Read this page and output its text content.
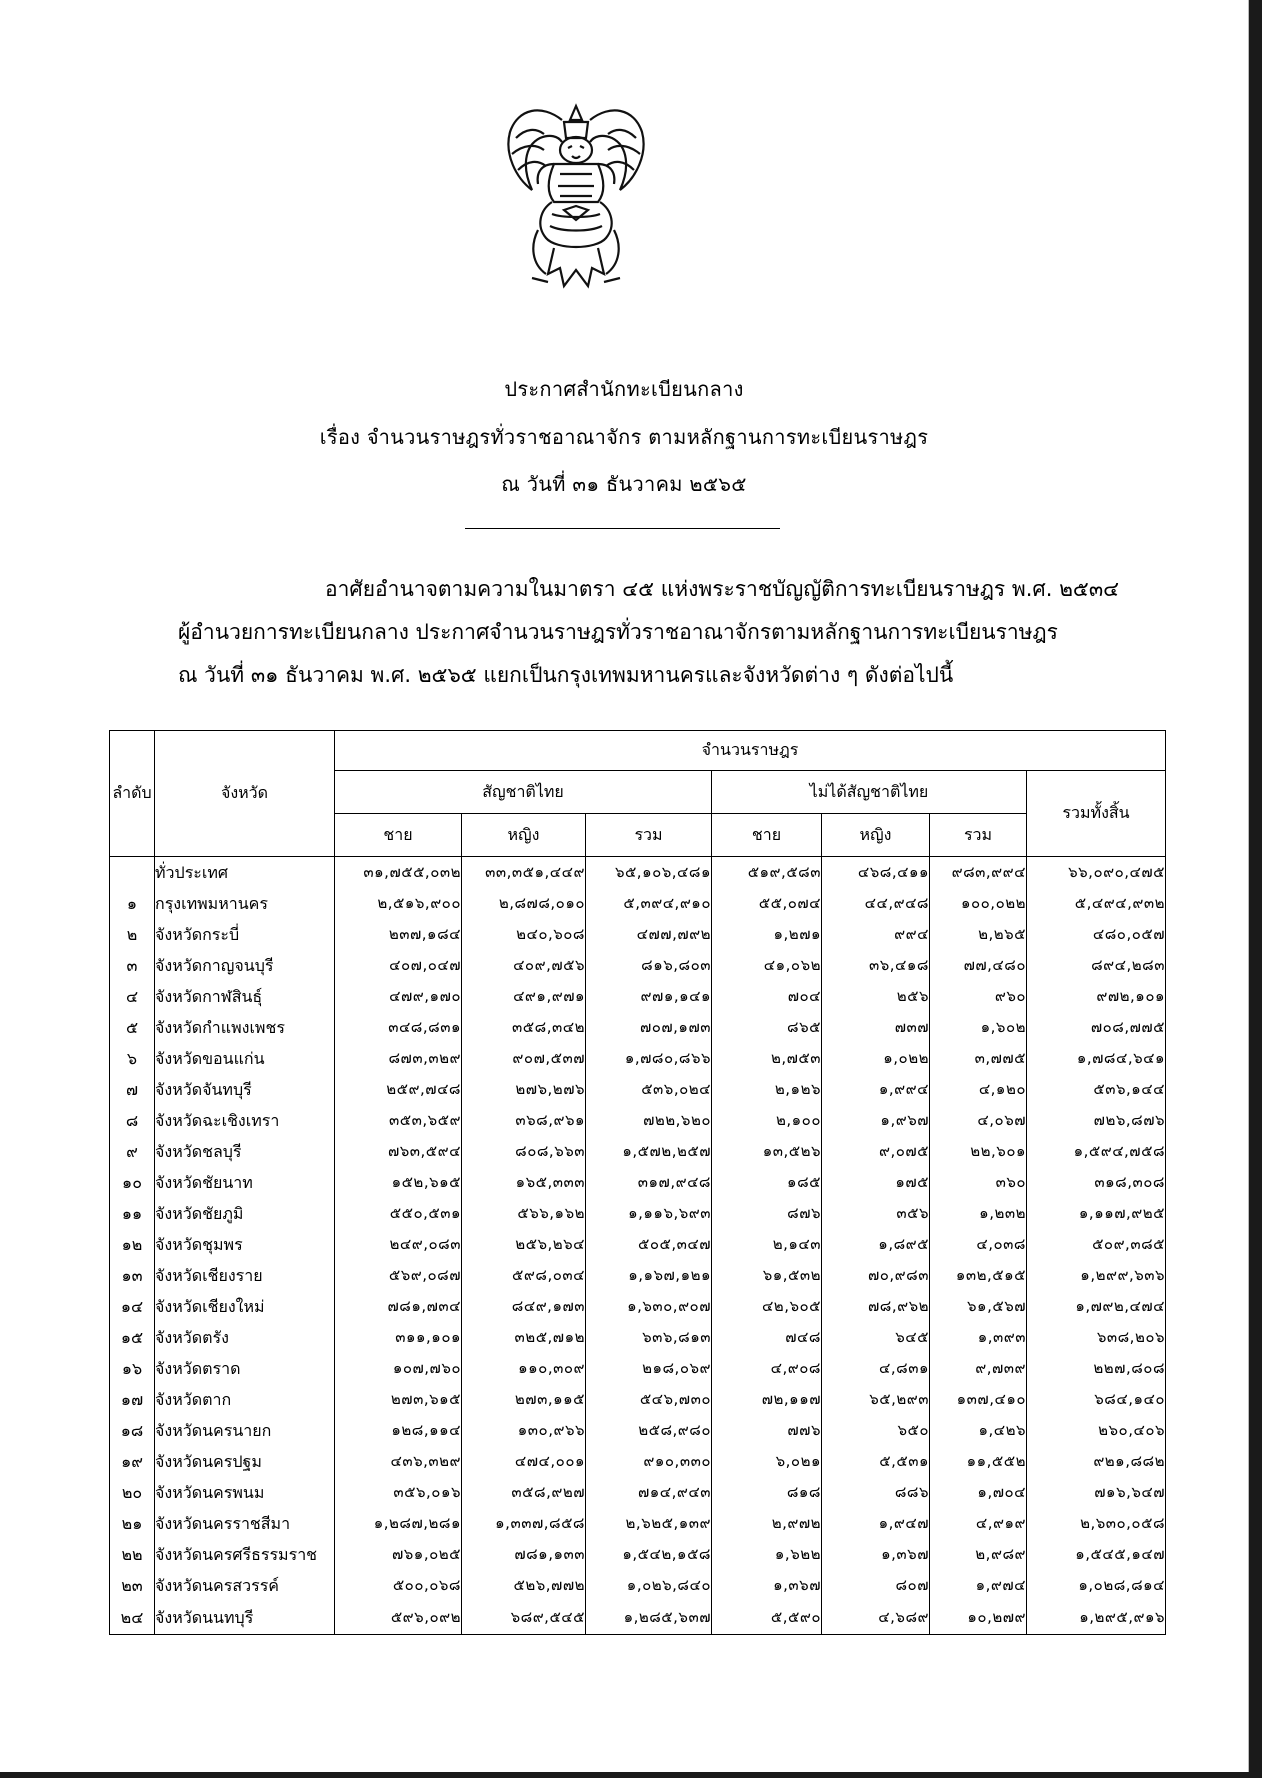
ประกาศสำนักทะเบียนกลาง
เรื่อง จำนวนราษฎรทั่วราชอาณาจักร ตามหลักฐานการทะเบียนราษฎร
ณ วันที่ ๓๑ ธันวาคม ๒๕๖๕
อาศัยอำนาจตามความในมาตรา ๔๕ แห่งพระราชบัญญัติการทะเบียนราษฎร พ.ศ. ๒๕๓๔
ผู้อำนวยการทะเบียนกลาง ประกาศจำนวนราษฎรทั่วราชอาณาจักรตามหลักฐานการทะเบียนราษฎร
ณ วันที่ ๓๑ ธันวาคม พ.ศ. ๒๕๖๕ แยกเป็นกรุงเทพมหานครและจังหวัดต่าง ๆ ดังต่อไปนี้
ลำดับ	จังหวัด	จำนวนราษฎร						
		สัญชาติไทย			ไม่ได้สัญชาติไทย			รวมทั้งสิ้น
		ชาย	หญิง	รวม	ชาย	หญิง	รวม	
	ทั่วประเทศ	๓๑,๗๕๕,๐๓๒	๓๓,๓๕๑,๔๔๙	๖๕,๑๐๖,๔๘๑	๕๑๙,๕๘๓	๔๖๘,๔๑๑	๙๘๓,๙๙๔	๖๖,๐๙๐,๔๗๕
๑	กรุงเทพมหานคร	๒,๕๑๖,๙๐๐	๒,๘๗๘,๐๑๐	๕,๓๙๔,๙๑๐	๕๕,๐๗๔	๔๔,๙๔๘	๑๐๐,๐๒๒	๕,๔๙๔,๙๓๒
๒	จังหวัดกระบี่	๒๓๗,๑๘๔	๒๔๐,๖๐๘	๔๗๗,๗๙๒	๑,๒๗๑	๙๙๔	๒,๒๖๕	๔๘๐,๐๕๗
๓	จังหวัดกาญจนบุรี	๔๐๗,๐๔๗	๔๐๙,๗๕๖	๘๑๖,๘๐๓	๔๑,๐๖๒	๓๖,๔๑๘	๗๗,๔๘๐	๘๙๔,๒๘๓
๔	จังหวัดกาฬสินธุ์	๔๗๙,๑๗๐	๔๙๑,๙๗๑	๙๗๑,๑๔๑	๗๐๔	๒๕๖	๙๖๐	๙๗๒,๑๐๑
๕	จังหวัดกำแพงเพชร	๓๔๘,๘๓๑	๓๕๘,๓๔๒	๗๐๗,๑๗๓	๘๖๕	๗๓๗	๑,๖๐๒	๗๐๘,๗๗๕
๖	จังหวัดขอนแก่น	๘๗๓,๓๒๙	๙๐๗,๕๓๗	๑,๗๘๐,๘๖๖	๒,๗๕๓	๑,๐๒๒	๓,๗๗๕	๑,๗๘๔,๖๔๑
๗	จังหวัดจันทบุรี	๒๕๙,๗๔๘	๒๗๖,๒๗๖	๕๓๖,๐๒๔	๒,๑๒๖	๑,๙๙๔	๔,๑๒๐	๕๓๖,๑๔๔
๘	จังหวัดฉะเชิงเทรา	๓๕๓,๖๕๙	๓๖๘,๙๖๑	๗๒๒,๖๒๐	๒,๑๐๐	๑,๙๖๗	๔,๐๖๗	๗๒๖,๘๗๖
๙	จังหวัดชลบุรี	๗๖๓,๕๙๔	๘๐๘,๖๖๓	๑,๕๗๒,๒๕๗	๑๓,๕๒๖	๙,๐๗๕	๒๒,๖๐๑	๑,๕๙๔,๗๕๘
๑๐	จังหวัดชัยนาท	๑๕๒,๖๑๕	๑๖๕,๓๓๓	๓๑๗,๙๔๘	๑๘๕	๑๗๕	๓๖๐	๓๑๘,๓๐๘
๑๑	จังหวัดชัยภูมิ	๕๕๐,๕๓๑	๕๖๖,๑๖๒	๑,๑๑๖,๖๙๓	๘๗๖	๓๕๖	๑,๒๓๒	๑,๑๑๗,๙๒๕
๑๒	จังหวัดชุมพร	๒๔๙,๐๘๓	๒๕๖,๒๖๔	๕๐๕,๓๔๗	๒,๑๔๓	๑,๘๙๕	๔,๐๓๘	๕๐๙,๓๘๕
๑๓	จังหวัดเชียงราย	๕๖๙,๐๘๗	๕๙๘,๐๓๔	๑,๑๖๗,๑๒๑	๖๑,๕๓๒	๗๐,๙๘๓	๑๓๒,๕๑๕	๑,๒๙๙,๖๓๖
๑๔	จังหวัดเชียงใหม่	๗๘๑,๗๓๔	๘๔๙,๑๗๓	๑,๖๓๐,๙๐๗	๔๒,๖๐๕	๗๘,๙๖๒	๖๑,๕๖๗	๑,๗๙๒,๔๗๔
๑๕	จังหวัดตรัง	๓๑๑,๑๐๑	๓๒๕,๗๑๒	๖๓๖,๘๑๓	๗๔๘	๖๔๕	๑,๓๙๓	๖๓๘,๒๐๖
๑๖	จังหวัดตราด	๑๐๗,๗๖๐	๑๑๐,๓๐๙	๒๑๘,๐๖๙	๔,๙๐๘	๔,๘๓๑	๙,๗๓๙	๒๒๗,๘๐๘
๑๗	จังหวัดตาก	๒๗๓,๖๑๕	๒๗๓,๑๑๕	๕๔๖,๗๓๐	๗๒,๑๑๗	๖๕,๒๙๓	๑๓๗,๔๑๐	๖๘๔,๑๔๐
๑๘	จังหวัดนครนายก	๑๒๘,๑๑๔	๑๓๐,๙๖๖	๒๕๘,๙๘๐	๗๗๖	๖๕๐	๑,๔๒๖	๒๖๐,๔๐๖
๑๙	จังหวัดนครปฐม	๔๓๖,๓๒๙	๔๗๔,๐๐๑	๙๑๐,๓๓๐	๖,๐๒๑	๕,๕๓๑	๑๑,๕๕๒	๙๒๑,๘๘๒
๒๐	จังหวัดนครพนม	๓๕๖,๐๑๖	๓๕๘,๙๒๗	๗๑๔,๙๔๓	๘๑๘	๘๘๖	๑,๗๐๔	๗๑๖,๖๔๗
๒๑	จังหวัดนครราชสีมา	๑,๒๘๗,๒๘๑	๑,๓๓๗,๘๕๘	๒,๖๒๕,๑๓๙	๒,๙๗๒	๑,๙๔๗	๔,๙๑๙	๒,๖๓๐,๐๕๘
๒๒	จังหวัดนครศรีธรรมราช	๗๖๑,๐๒๕	๗๘๑,๑๓๓	๑,๕๔๒,๑๕๘	๑,๖๒๒	๑,๓๖๗	๒,๙๘๙	๑,๕๔๕,๑๔๗
๒๓	จังหวัดนครสวรรค์	๕๐๐,๐๖๘	๕๒๖,๗๗๒	๑,๐๒๖,๘๔๐	๑,๓๖๗	๘๐๗	๑,๙๗๔	๑,๐๒๘,๘๑๔
๒๔	จังหวัดนนทบุรี	๕๙๖,๐๙๒	๖๘๙,๕๔๕	๑,๒๘๕,๖๓๗	๕,๕๙๐	๔,๖๘๙	๑๐,๒๗๙	๑,๒๙๕,๙๑๖
